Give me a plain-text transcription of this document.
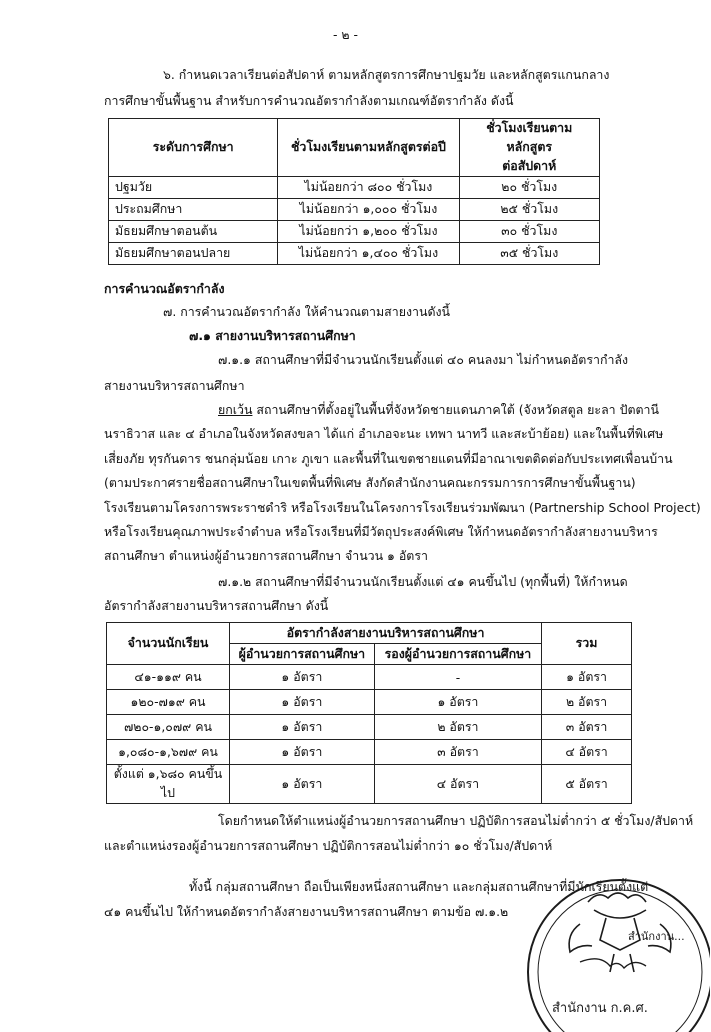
- ๒ -
๖. กำหนดเวลาเรียนต่อสัปดาห์ ตามหลักสูตรการศึกษาปฐมวัย และหลักสูตรแกนกลาง
การศึกษาขั้นพื้นฐาน สำหรับการคำนวณอัตรากำลังตามเกณฑ์อัตรากำลัง ดังนี้
ระดับการศึกษา	ชั่วโมงเรียนตามหลักสูตรต่อปี	ชั่วโมงเรียนตามหลักสูตร
ต่อสัปดาห์

ปฐมวัย	ไม่น้อยกว่า ๘๐๐ ชั่วโมง	๒๐ ชั่วโมง
ประถมศึกษา	ไม่น้อยกว่า ๑,๐๐๐ ชั่วโมง	๒๕ ชั่วโมง
มัธยมศึกษาตอนต้น	ไม่น้อยกว่า ๑,๒๐๐ ชั่วโมง	๓๐ ชั่วโมง
มัธยมศึกษาตอนปลาย	ไม่น้อยกว่า ๑,๔๐๐ ชั่วโมง	๓๕ ชั่วโมง
การคำนวณอัตรากำลัง
๗. การคำนวณอัตรากำลัง ให้คำนวณตามสายงานดังนี้
๗.๑ สายงานบริหารสถานศึกษา
๗.๑.๑ สถานศึกษาที่มีจำนวนนักเรียนตั้งแต่ ๔๐ คนลงมา ไม่กำหนดอัตรากำลัง
สายงานบริหารสถานศึกษา
ยกเว้น สถานศึกษาที่ตั้งอยู่ในพื้นที่จังหวัดชายแดนภาคใต้ (จังหวัดสตูล ยะลา ปัตตานี
นราธิวาส และ ๔ อำเภอในจังหวัดสงขลา ได้แก่ อำเภอจะนะ เทพา นาทวี และสะบ้าย้อย) และในพื้นที่พิเศษ
เสี่ยงภัย ทุรกันดาร ชนกลุ่มน้อย เกาะ ภูเขา และพื้นที่ในเขตชายแดนที่มีอาณาเขตติดต่อกับประเทศเพื่อนบ้าน
(ตามประกาศรายชื่อสถานศึกษาในเขตพื้นที่พิเศษ สังกัดสำนักงานคณะกรรมการการศึกษาขั้นพื้นฐาน)
โรงเรียนตามโครงการพระราชดำริ หรือโรงเรียนในโครงการโรงเรียนร่วมพัฒนา (Partnership School Project)
หรือโรงเรียนคุณภาพประจำตำบล หรือโรงเรียนที่มีวัตถุประสงค์พิเศษ ให้กำหนดอัตรากำลังสายงานบริหาร
สถานศึกษา ตำแหน่งผู้อำนวยการสถานศึกษา จำนวน ๑ อัตรา
๗.๑.๒ สถานศึกษาที่มีจำนวนนักเรียนตั้งแต่ ๔๑ คนขึ้นไป (ทุกพื้นที่) ให้กำหนด
อัตรากำลังสายงานบริหารสถานศึกษา ดังนี้
จำนวนนักเรียน	อัตรากำลังสายงานบริหารสถานศึกษา		รวม
	ผู้อำนวยการสถานศึกษา	รองผู้อำนวยการสถานศึกษา	
๔๑-๑๑๙ คน	๑ อัตรา	-	๑ อัตรา
๑๒๐-๗๑๙ คน	๑ อัตรา	๑ อัตรา	๒ อัตรา
๗๒๐-๑,๐๗๙ คน	๑ อัตรา	๒ อัตรา	๓ อัตรา
๑,๐๘๐-๑,๖๗๙ คน	๑ อัตรา	๓ อัตรา	๔ อัตรา
ตั้งแต่ ๑,๖๘๐ คนขึ้นไป	๑ อัตรา	๔ อัตรา	๕ อัตรา
โดยกำหนดให้ตำแหน่งผู้อำนวยการสถานศึกษา ปฏิบัติการสอนไม่ต่ำกว่า ๕ ชั่วโมง/สัปดาห์
และตำแหน่งรองผู้อำนวยการสถานศึกษา ปฏิบัติการสอนไม่ต่ำกว่า ๑๐ ชั่วโมง/สัปดาห์
ทั้งนี้ กลุ่มสถานศึกษา ถือเป็นเพียงหนึ่งสถานศึกษา และกลุ่มสถานศึกษาที่มีนักเรียนตั้งแต่
๔๑ คนขึ้นไป ให้กำหนดอัตรากำลังสายงานบริหารสถานศึกษา ตามข้อ ๗.๑.๒
สำนักงาน...
สำนักงาน ก.ค.ศ.
